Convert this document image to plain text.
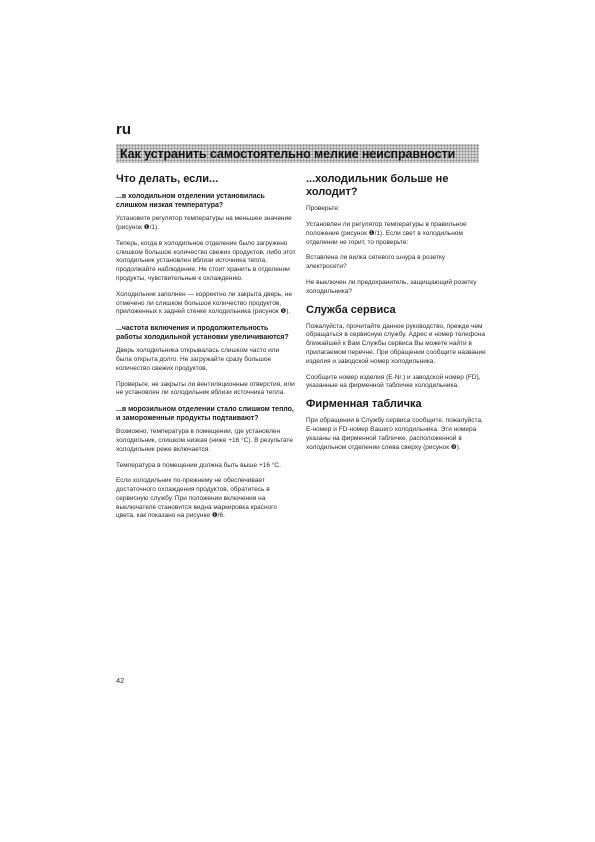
ru
Как устранить самостоятельно мелкие неисправности
Что делать, если...
...в холодильном отделении установилась слишком низкая температура?

Установите регулятор температуры на меньшее значение (рисунок ❶/1).

Теперь, когда в холодильное отделение было загружено слишком большое количество свежих продуктов, либо этот холодильник установлен вблизи источника тепла, продолжайте наблюдение. Не стоит хранить в отделении продукты, чувствительные к охлаждению.

Холодильник заполнен — корректно ли закрыта дверь, не отмечено ли слишком большое количество продуктов, приложенных к задней стенке холодильника (рисунок ❶).

...частота включения и продолжительность работы холодильной установки увеличиваются?

Дверь холодильника открывалась слишком часто или была открыта долго. Не загружайте сразу большое количество свежих продуктов.

Проверьте, не закрыты ли вентиляционные отверстия, или не установлен ли холодильник вблизи источника тепла.

...в морозильном отделении стало слишком тепло, и замороженные продукты подтаивают?

Возможно, температура в помещении, где установлен холодильник, слишком низкая (ниже +16 °C). В результате холодильник реже включается.

Температура в помещении должна быть выше +16 °C.

Если холодильник по-прежнему не обеспечивает достаточного охлаждения продуктов, обратитесь в сервисную службу. При положении включения на выключателе становится видна маркировка красного цвета, как показано на рисунке ❶/6.

...холодильник больше не холодит?

Проверьте:

Установлен ли регулятор температуры в правильное положение (рисунок ❶/1). Если свет в холодильном отделении не горит, то проверьте:

Вставлена ли вилка сетевого шнура в розетку электросети?

Не выключен ли предохранитель, защищающий розетку холодильника?

Служба сервиса

Пожалуйста, прочитайте данное руководство, прежде чем обращаться в сервисную службу. Адрес и номер телефона ближайшей к Вам Службы сервиса Вы можете найти в прилагаемом перечне. При обращении сообщите название изделия и заводской номер холодильника.

Сообщите номер изделия (E-Nr.) и заводской номер (FD), указанные на фирменной табличке холодильника.

Фирменная табличка

При обращении в Службу сервиса сообщите, пожалуйста, E-номер и FD-номер Вашего холодильника. Эти номера указаны на фирменной табличке, расположенной в холодильном отделении слева сверху (рисунок ❷).

42
